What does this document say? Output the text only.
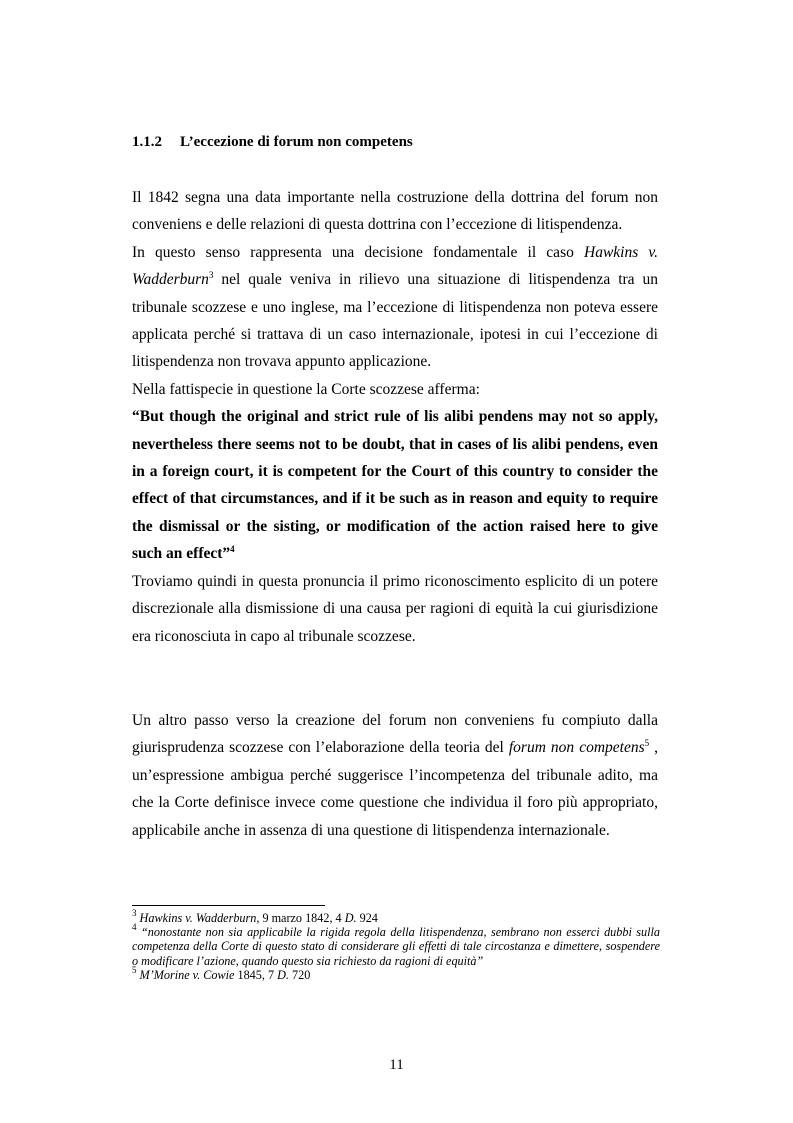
1.1.2 L’eccezione di forum non competens

Il 1842 segna una data importante nella costruzione della dottrina del forum non conveniens e delle relazioni di questa dottrina con l’eccezione di litispendenza.

In questo senso rappresenta una decisione fondamentale il caso Hawkins v. Wadderburn$^3$ nel quale veniva in rilievo una situazione di litispendenza tra un tribunale scozzese e uno inglese, ma l’eccezione di litispendenza non poteva essere applicata perché si trattava di un caso internazionale, ipotesi in cui l’eccezione di litispendenza non trovava appunto applicazione.

Nella fattispecie in questione la Corte scozzese afferma:

“But though the original and strict rule of lis alibi pendens may not so apply, nevertheless there seems not to be doubt, that in cases of lis alibi pendens, even in a foreign court, it is competent for the Court of this country to consider the effect of that circumstances, and if it be such as in reason and equity to require the dismissal or the sisting, or modification of the action raised here to give such an effect”$^4$

Troviamo quindi in questa pronuncia il primo riconoscimento esplicito di un potere discrezionale alla dismissione di una causa per ragioni di equità la cui giurisdizione era riconosciuta in capo al tribunale scozzese.

Un altro passo verso la creazione del forum non conveniens fu compiuto dalla giurisprudenza scozzese con l’elaborazione della teoria del forum non competens$^5$ , un’espressione ambigua perché suggerisce l’incompetenza del tribunale adito, ma che la Corte definisce invece come questione che individua il foro più appropriato, applicabile anche in assenza di una questione di litispendenza internazionale.

$^3$ Hawkins v. Wadderburn, 9 marzo 1842, 4 D. 924

$^4$ “nonostante non sia applicabile la rigida regola della litispendenza, sembrano non esserci dubbi sulla competenza della Corte di questo stato di considerare gli effetti di tale circostanza e dimettere, sospendere o modificare l’azione, quando questo sia richiesto da ragioni di equità”

$^5$ M’Morine v. Cowie 1845, 7 D. 720

11
